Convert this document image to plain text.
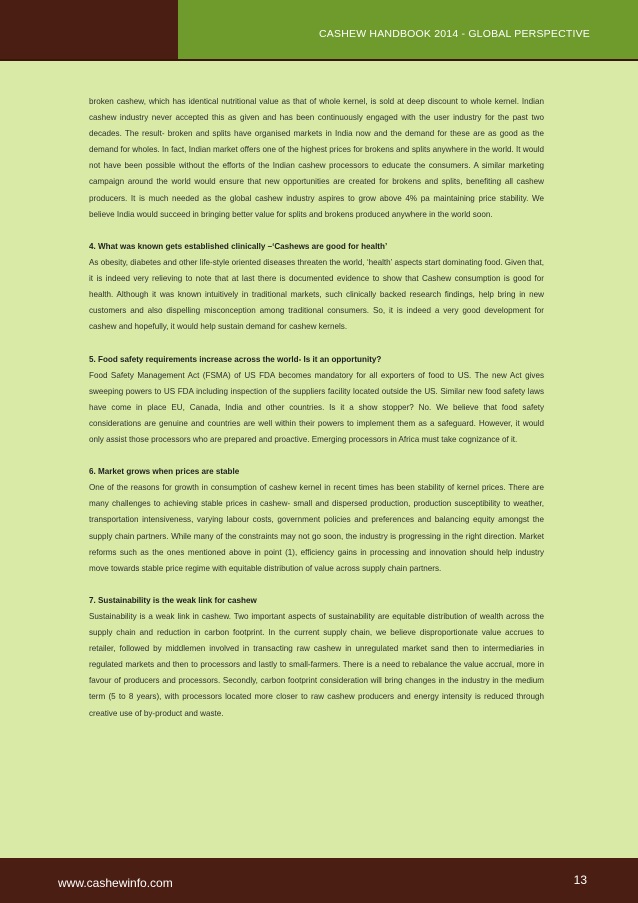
CASHEW HANDBOOK 2014 - GLOBAL PERSPECTIVE

broken cashew, which has identical nutritional value as that of whole kernel, is sold at deep discount to whole kernel. Indian cashew industry never accepted this as given and has been continuously engaged with the user industry for the past two decades. The result- broken and splits have organised markets in India now and the demand for these are as good as the demand for wholes. In fact, Indian market offers one of the highest prices for brokens and splits anywhere in the world. It would not have been possible without the efforts of the Indian cashew processors to educate the consumers. A similar marketing campaign around the world would ensure that new opportunities are created for brokens and splits, benefiting all cashew producers. It is much needed as the global cashew industry aspires to grow above 4% pa maintaining price stability. We believe India would succeed in bringing better value for splits and brokens produced anywhere in the world soon.

4. What was known gets established clinically –‘Cashews are good for health’

As obesity, diabetes and other life-style oriented diseases threaten the world, ‘health’ aspects start dominating food. Given that, it is indeed very relieving to note that at last there is documented evidence to show that Cashew consumption is good for health. Although it was known intuitively in traditional markets, such clinically backed research findings, help bring in new customers and also dispelling misconception among traditional consumers. So, it is indeed a very good development for cashew and hopefully, it would help sustain demand for cashew kernels.

5. Food safety requirements increase across the world- Is it an opportunity?

Food Safety Management Act (FSMA) of US FDA becomes mandatory for all exporters of food to US. The new Act gives sweeping powers to US FDA including inspection of the suppliers facility located outside the US. Similar new food safety laws have come in place EU, Canada, India and other countries. Is it a show stopper? No. We believe that food safety considerations are genuine and countries are well within their powers to implement them as a safeguard. However, it would only assist those processors who are prepared and proactive. Emerging processors in Africa must take cognizance of it.

6. Market grows when prices are stable

One of the reasons for growth in consumption of cashew kernel in recent times has been stability of kernel prices. There are many challenges to achieving stable prices in cashew- small and dispersed production, production susceptibility to weather, transportation intensiveness, varying labour costs, government policies and preferences and balancing equity amongst the supply chain partners. While many of the constraints may not go soon, the industry is progressing in the right direction. Market reforms such as the ones mentioned above in point (1), efficiency gains in processing and innovation should help industry move towards stable price regime with equitable distribution of value across supply chain partners.

7. Sustainability is the weak link for cashew

Sustainability is a weak link in cashew. Two important aspects of sustainability are equitable distribution of wealth across the supply chain and reduction in carbon footprint. In the current supply chain, we believe disproportionate value accrues to retailer, followed by middlemen involved in transacting raw cashew in unregulated market sand then to intermediaries in regulated markets and then to processors and lastly to small-farmers. There is a need to rebalance the value accrual, more in favour of producers and processors. Secondly, carbon footprint consideration will bring changes in the industry in the medium term (5 to 8 years), with processors located more closer to raw cashew producers and energy intensity is reduced through creative use of by-product and waste.

www.cashewinfo.com	13
